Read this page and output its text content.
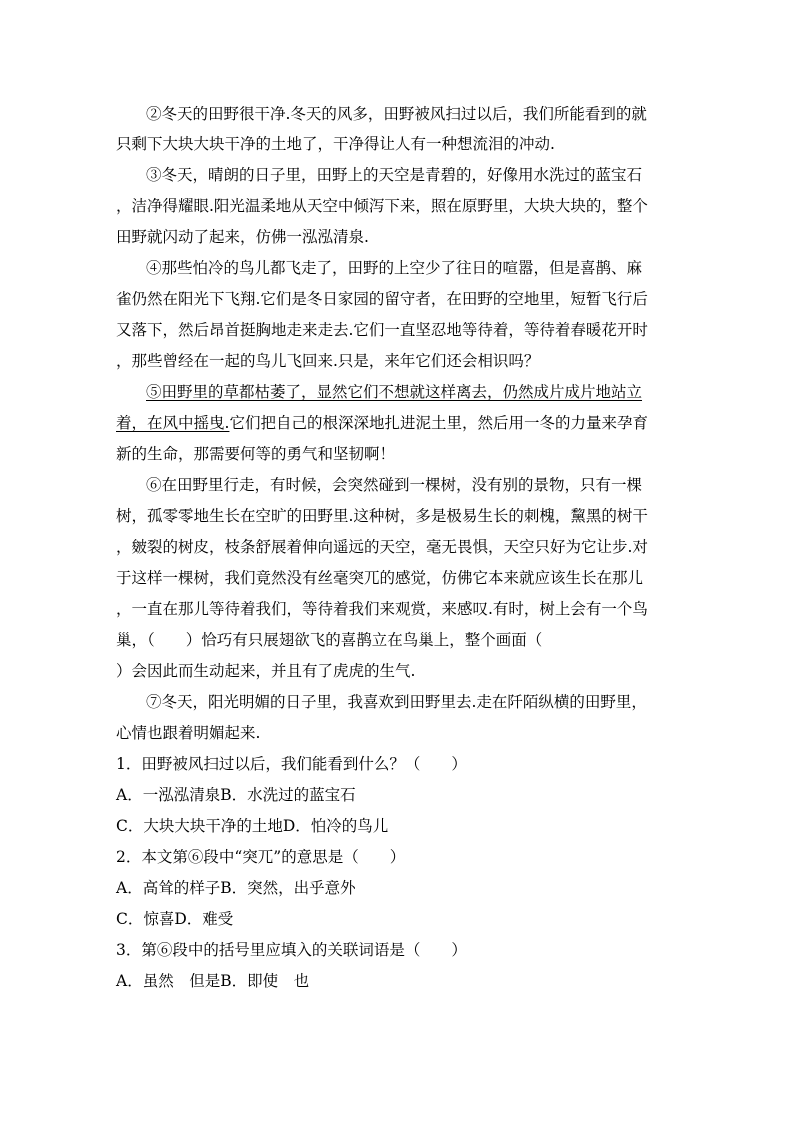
②冬天的田野很干净.冬天的风多，田野被风扫过以后，我们所能看到的就
只剩下大块大块干净的土地了，干净得让人有一种想流泪的冲动.
③冬天，晴朗的日子里，田野上的天空是青碧的，好像用水洗过的蓝宝石
，洁净得耀眼.阳光温柔地从天空中倾泻下来，照在原野里，大块大块的，整个
田野就闪动了起来，仿佛一泓泓清泉.
④那些怕冷的鸟儿都飞走了，田野的上空少了往日的喧嚣，但是喜鹊、麻
雀仍然在阳光下飞翔.它们是冬日家园的留守者，在田野的空地里，短暂飞行后
又落下，然后昂首挺胸地走来走去.它们一直坚忍地等待着，等待着春暖花开时
，那些曾经在一起的鸟儿飞回来.只是，来年它们还会相识吗？
⑤田野里的草都枯萎了，显然它们不想就这样离去，仍然成片成片地站立
着，在风中摇曳.它们把自己的根深深地扎进泥土里，然后用一冬的力量来孕育
新的生命，那需要何等的勇气和坚韧啊！
⑥在田野里行走，有时候，会突然碰到一棵树，没有别的景物，只有一棵
树，孤零零地生长在空旷的田野里.这种树，多是极易生长的刺槐，黧黑的树干
，皴裂的树皮，枝条舒展着伸向遥远的天空，毫无畏惧，天空只好为它让步.对
于这样一棵树，我们竟然没有丝毫突兀的感觉，仿佛它本来就应该生长在那儿
，一直在那儿等待着我们，等待着我们来观赏，来感叹.有时，树上会有一个鸟
巢，（　　）恰巧有只展翅欲飞的喜鹊立在鸟巢上，整个画面（
）会因此而生动起来，并且有了虎虎的生气.
⑦冬天，阳光明媚的日子里，我喜欢到田野里去.走在阡陌纵横的田野里，
心情也跟着明媚起来.
1．田野被风扫过以后，我们能看到什么？（　　）
A．一泓泓清泉B．水洗过的蓝宝石
C．大块大块干净的土地D．怕冷的鸟儿
2．本文第⑥段中“突兀”的意思是（　　）
A．高耸的样子B．突然，出乎意外
C．惊喜D．难受
3．第⑥段中的括号里应填入的关联词语是（　　）
A．虽然　但是B．即使　也
